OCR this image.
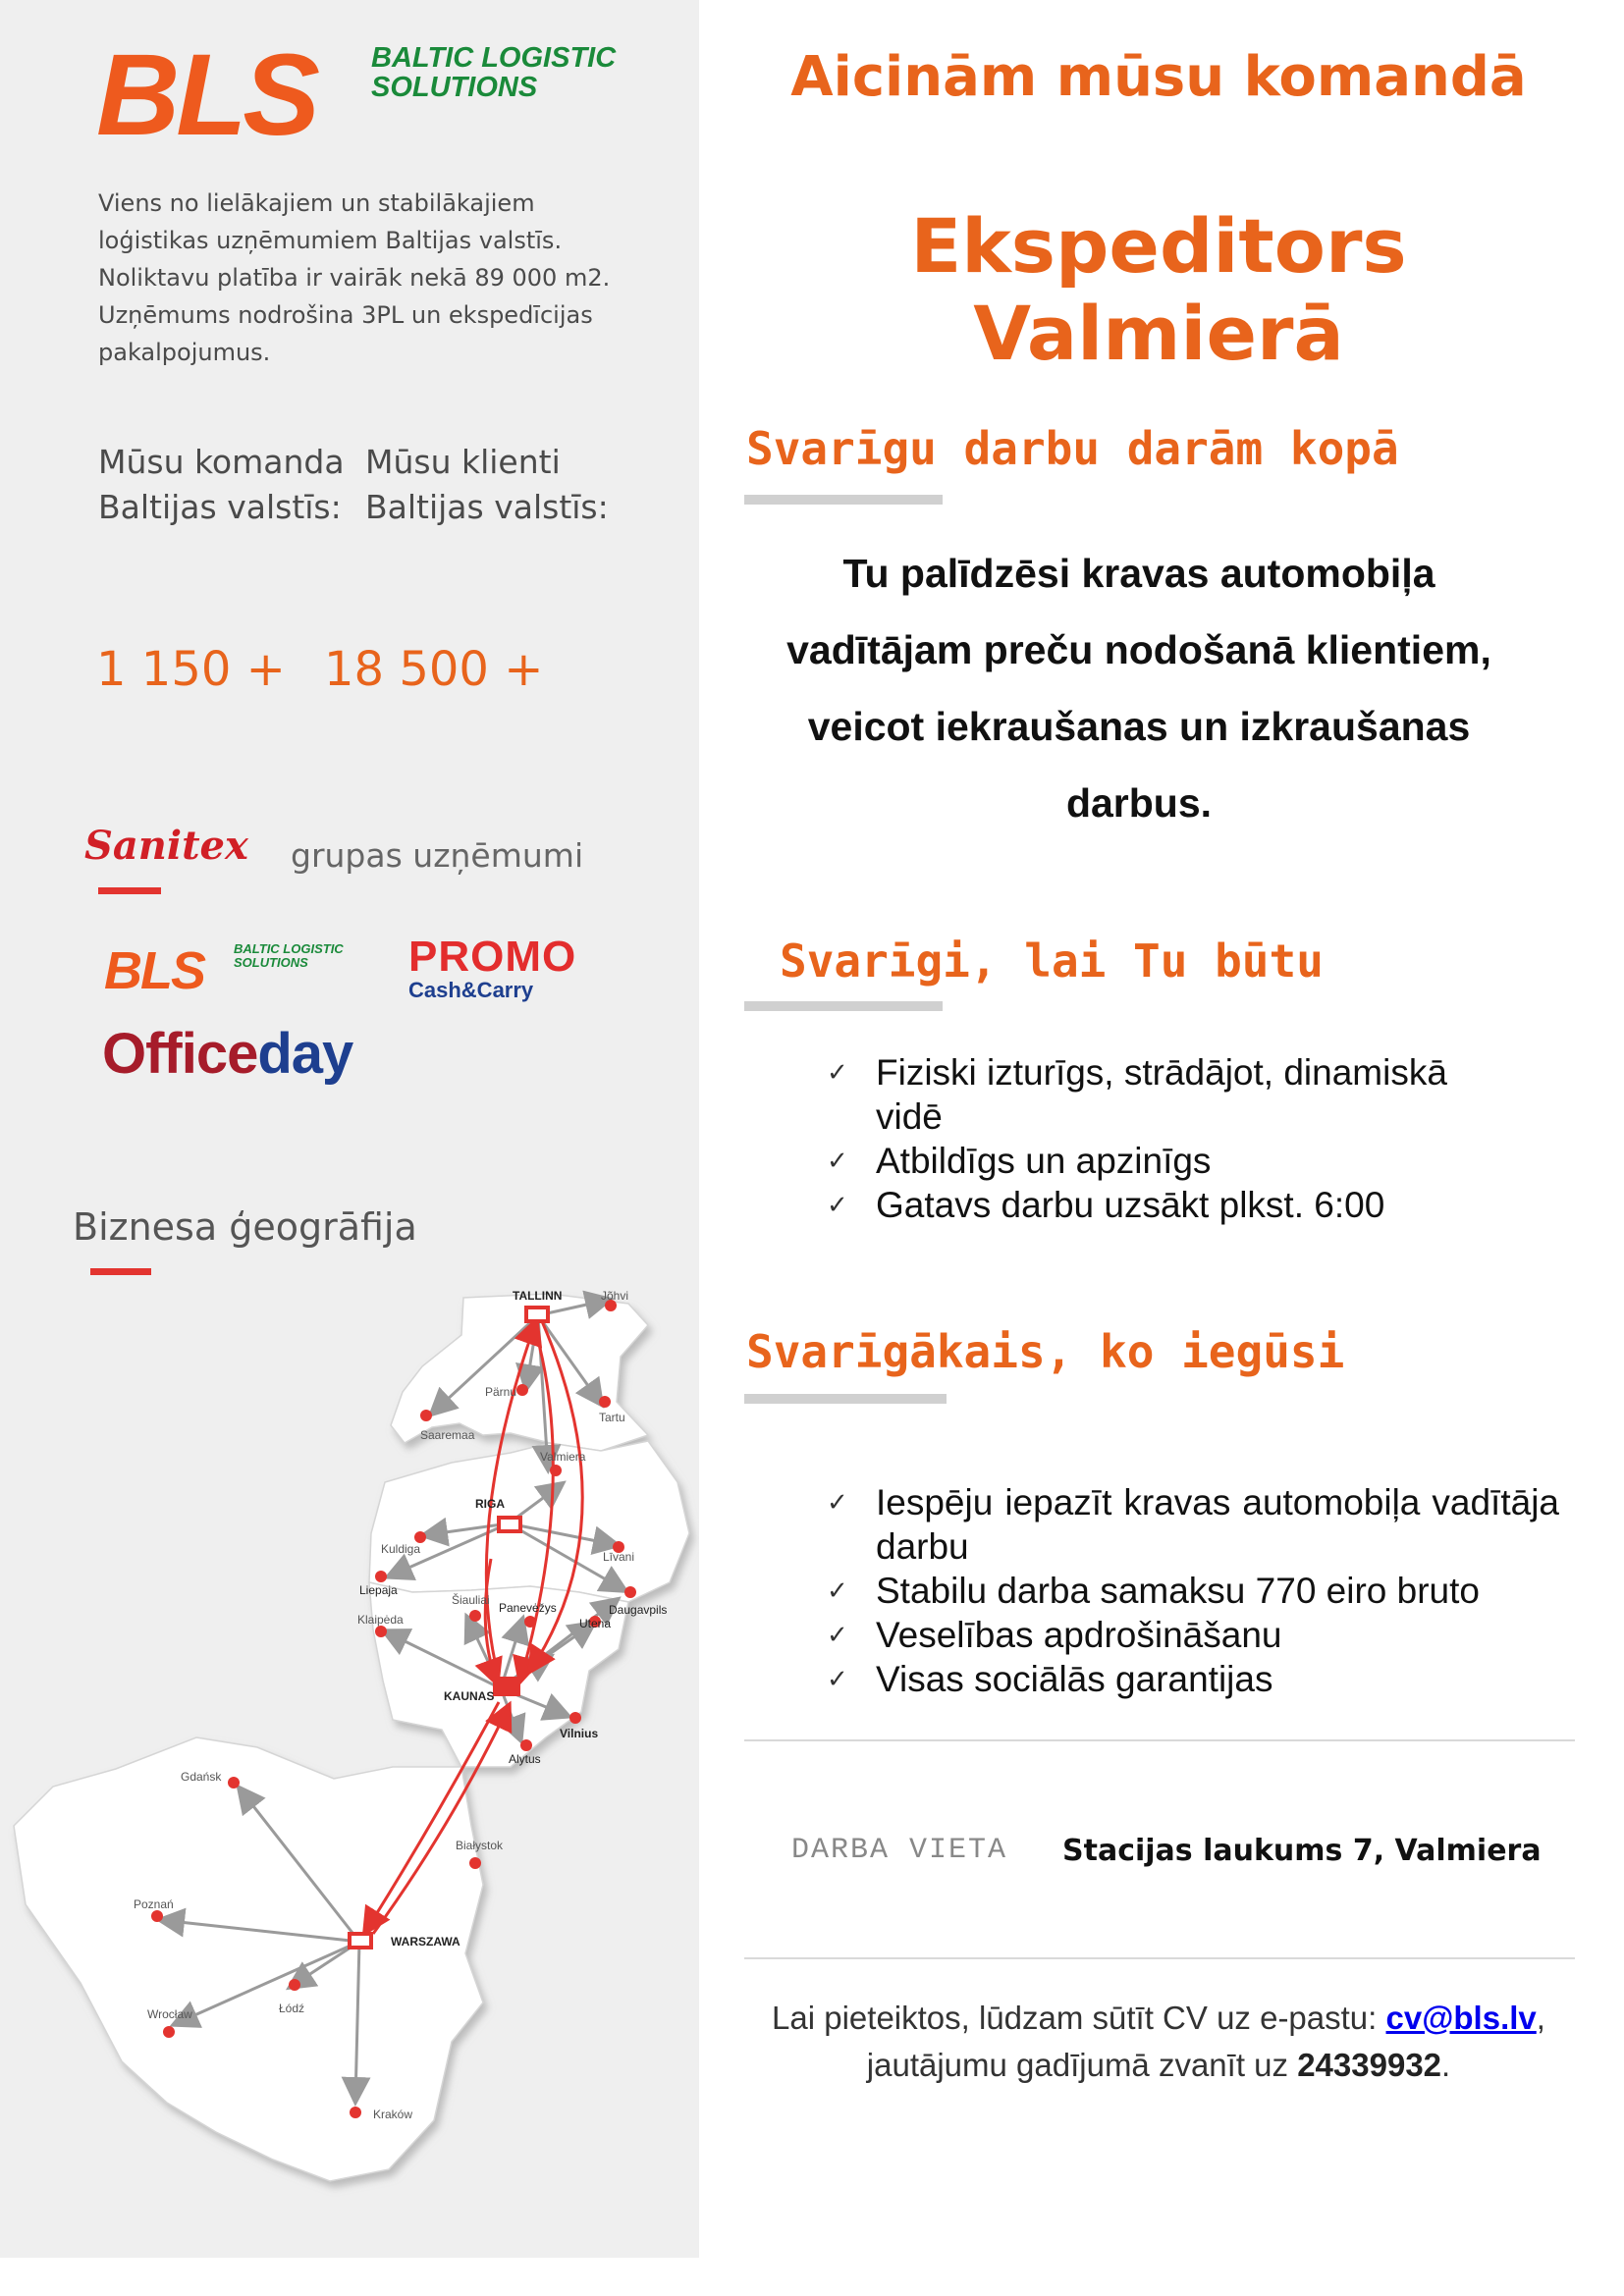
BLS BALTIC LOGISTIC
SOLUTIONS
Viens no lielākajiem un stabilākajiem
loģistikas uzņēmumiem Baltijas valstīs.
Noliktavu platība ir vairāk nekā 89 000 m2.
Uzņēmums nodrošina 3PL un ekspedīcijas
pakalpojumus.
Mūsu komanda
Baltijas valstīs:
Mūsu klienti
Baltijas valstīs:
1 150 + 18 500 +
Sanitex grupas uzņēmumi
BLS BALTIC LOGISTIC
SOLUTIONS	PROMO
Cash&Carry
Officeday
Biznesa ģeogrāfija
TALLINN	Jõhvi
Pärnu
Tartu
Saaremaa
Valmiera
RIGA
Kuldiga
Liepaja
Līvani
Šiauliai
Panevėžys	Daugavpils
Klaipėda	Utena
KAUNAS
Vilnius
Alytus
Gdańsk
Białystok
Poznań
WARSZAWA
Wrocław	Łódź
Kraków
Aicinām mūsu komandā
Ekspeditors Valmierā
Svarīgu darbu darām kopā
Tu palīdzēsi kravas automobiļa
vadītājam preču nodošanā klientiem,
veicot iekraušanas un izkraušanas
darbus.
Svarīgi, lai Tu būtu
✓ Fiziski izturīgs, strādājot, dinamiskā vidē
✓ Atbildīgs un apzinīgs
✓ Gatavs darbu uzsākt plkst. 6:00
Svarīgākais, ko iegūsi
✓ Iespēju iepazīt kravas automobiļa vadītāja darbu
✓ Stabilu darba samaksu 770 eiro bruto
✓ Veselības apdrošināšanu
✓ Visas sociālās garantijas
DARBA VIETA Stacijas laukums 7, Valmiera
Lai pieteiktos, lūdzam sūtīt CV uz e-pastu: cv@bls.lv,
jautājumu gadījumā zvanīt uz 24339932.
